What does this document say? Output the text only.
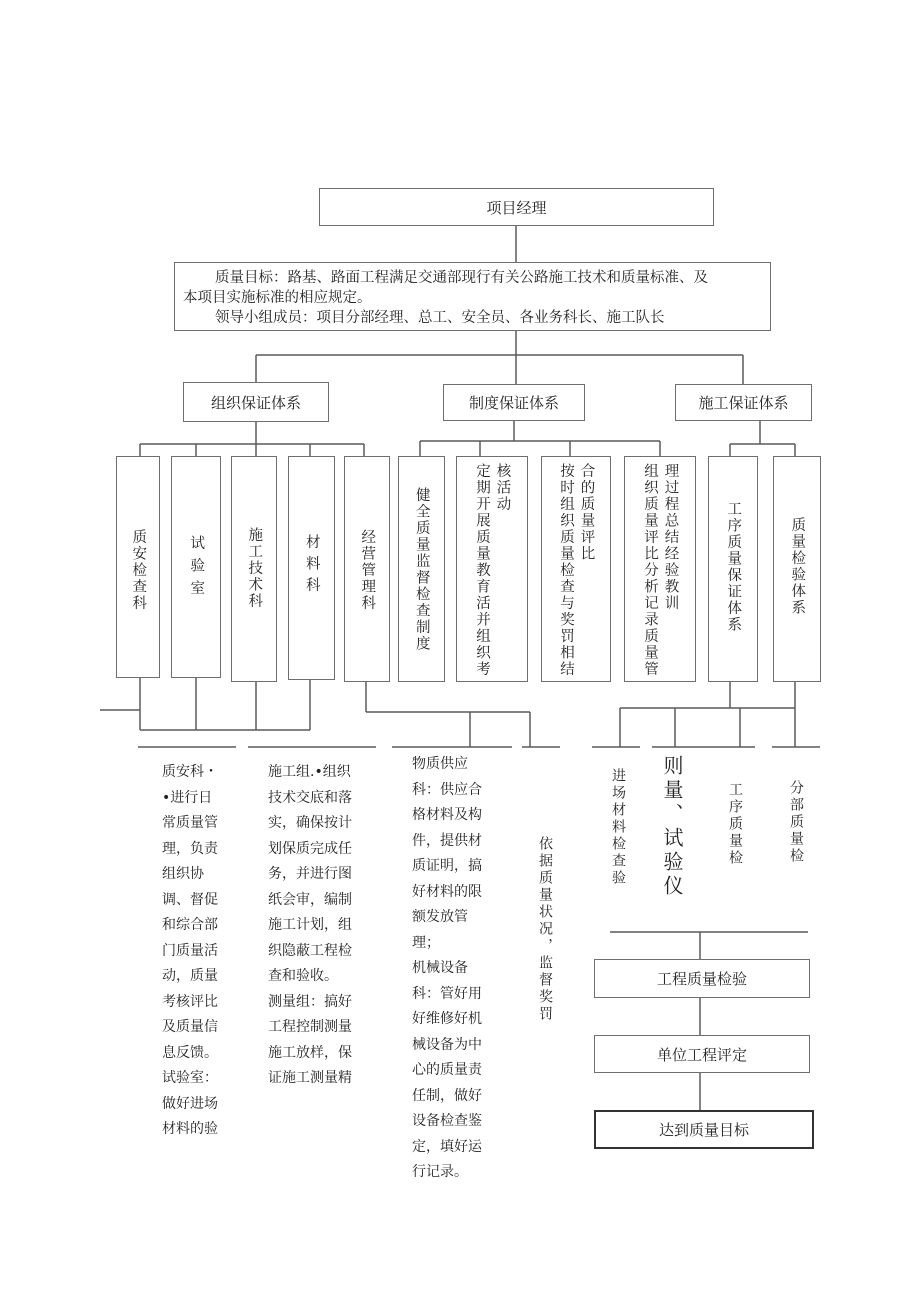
项目经理
质量目标：路基、路面工程满足交通部现行有关公路施工技术和质量标准、及
本项目实施标准的相应规定。
领导小组成员：项目分部经理、总工、安全员、各业务科长、施工队长
组织保证体系	制度保证体系	施工保证体系
质安检查科	试验室	施工技术科	材料科	经营管理科	健全质量监督检查制度	定期开展质量教育活并组织考 核活动	按时组织质量检查与奖罚相结 合的质量评比	组织质量评比分析记录质量管 理过程总结经验教训	工序质量保证体系	质量检验体系
质安科・
•进行日
常质量管理，负责
组织协
调、督促
和综合部
门质量活
动，质量
考核评比
及质量信
息反馈。
试验室：
做好进场
材料的验
施工组.•组织
技术交底和落
实，确保按计
划保质完成任
务，并进行图
纸会审，编制
施工计划，组
织隐蔽工程检
查和验收。
测量组：搞好
工程控制测量
施工放样，保
证施工测量精
物质供应
科：供应合
格材料及构
件，提供材
质证明，搞
好材料的限
额发放管
理；
机械设备
科：管好用
好维修好机
械设备为中
心的质量责
任制，做好
设备检查鉴
定，填好运
行记录。
依据质量状况，监督奖罚
进场材料检查验 则量、试验仪	工序质量检	分部质量检
工程质量检验
单位工程评定
达到质量目标
